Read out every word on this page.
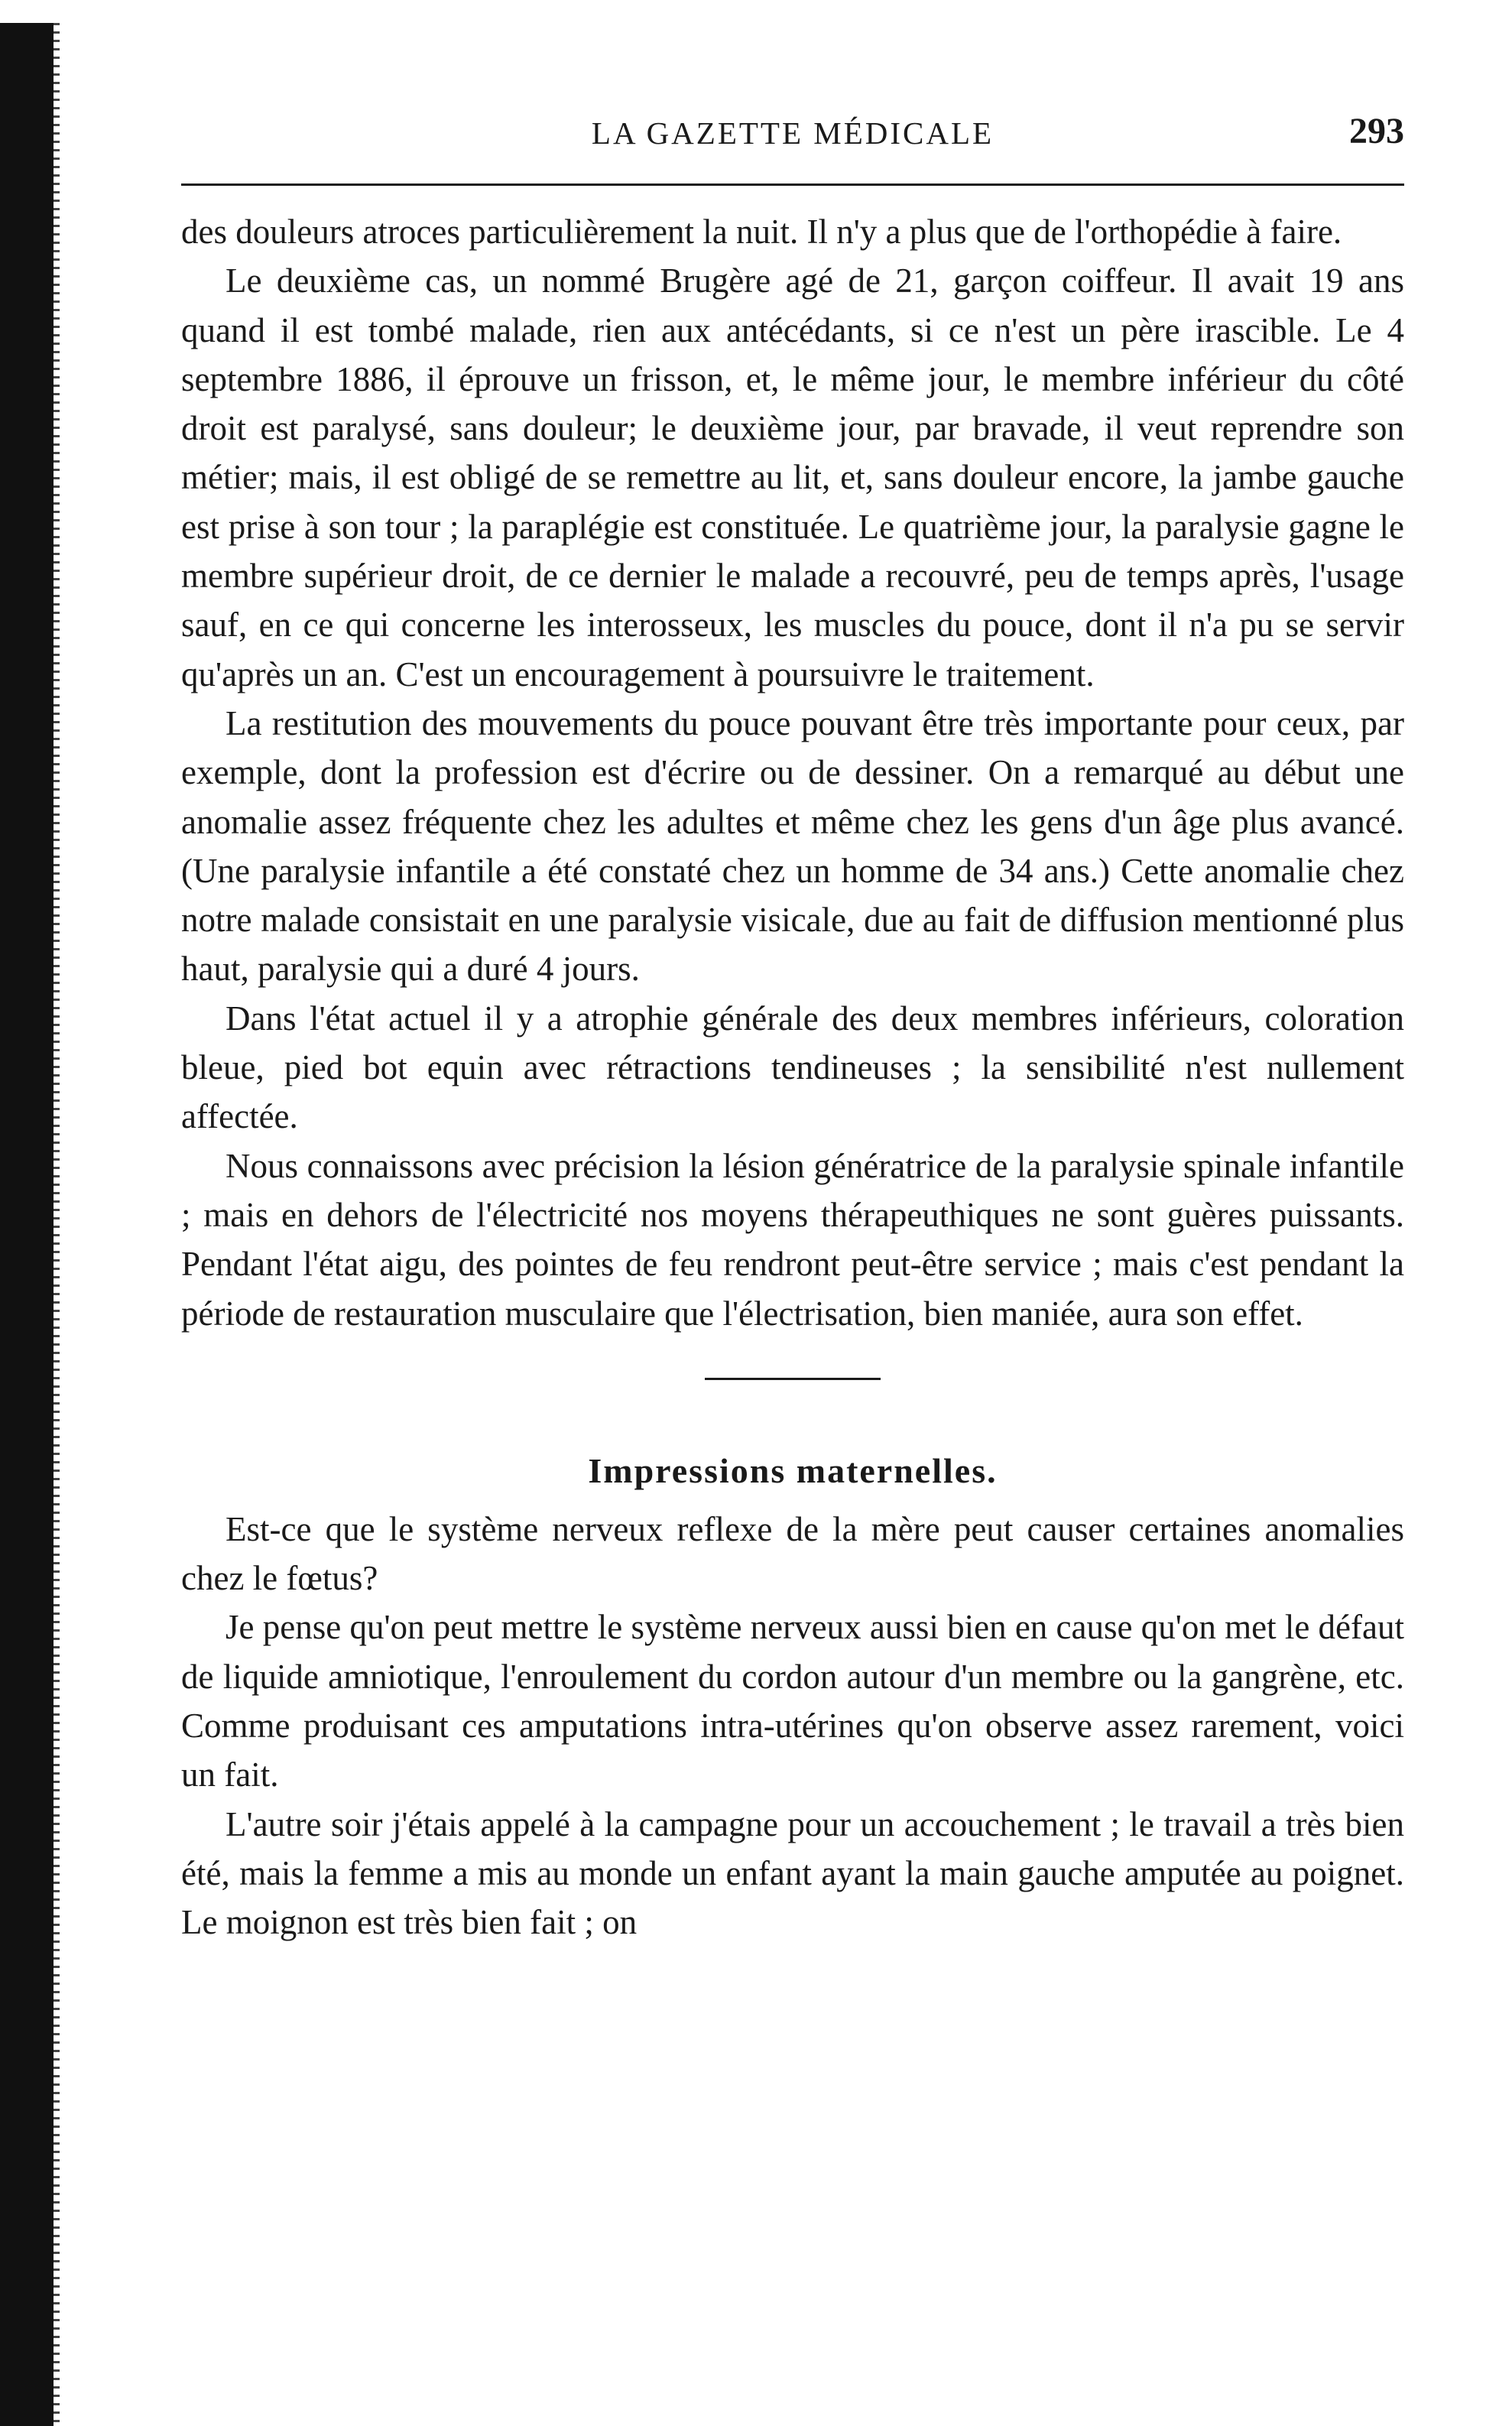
LA GAZETTE MÉDICALE	293

des douleurs atroces particulièrement la nuit. Il n'y a plus que de l'orthopédie à faire.

Le deuxième cas, un nommé Brugère agé de 21, garçon coiffeur. Il avait 19 ans quand il est tombé malade, rien aux antécédants, si ce n'est un père irascible. Le 4 septembre 1886, il éprouve un frisson, et, le même jour, le membre inférieur du côté droit est paralysé, sans douleur; le deuxième jour, par bravade, il veut reprendre son métier; mais, il est obligé de se remettre au lit, et, sans douleur encore, la jambe gauche est prise à son tour ; la paraplégie est constituée. Le quatrième jour, la paralysie gagne le membre supérieur droit, de ce dernier le malade a recouvré, peu de temps après, l'usage sauf, en ce qui concerne les interosseux, les muscles du pouce, dont il n'a pu se servir qu'après un an. C'est un encouragement à poursuivre le traitement.

La restitution des mouvements du pouce pouvant être très importante pour ceux, par exemple, dont la profession est d'écrire ou de dessiner. On a remarqué au début une anomalie assez fréquente chez les adultes et même chez les gens d'un âge plus avancé. (Une paralysie infantile a été constaté chez un homme de 34 ans.) Cette anomalie chez notre malade consistait en une paralysie visicale, due au fait de diffusion mentionné plus haut, paralysie qui a duré 4 jours.

Dans l'état actuel il y a atrophie générale des deux membres inférieurs, coloration bleue, pied bot equin avec rétractions tendineuses ; la sensibilité n'est nullement affectée.

Nous connaissons avec précision la lésion génératrice de la paralysie spinale infantile ; mais en dehors de l'électricité nos moyens thérapeuthiques ne sont guères puissants. Pendant l'état aigu, des pointes de feu rendront peut-être service ; mais c'est pendant la période de restauration musculaire que l'électrisation, bien maniée, aura son effet.

Impressions maternelles.

Est-ce que le système nerveux reflexe de la mère peut causer certaines anomalies chez le fœtus?

Je pense qu'on peut mettre le système nerveux aussi bien en cause qu'on met le défaut de liquide amniotique, l'enroulement du cordon autour d'un membre ou la gangrène, etc. Comme produisant ces amputations intra-utérines qu'on observe assez rarement, voici un fait.

L'autre soir j'étais appelé à la campagne pour un accouchement ; le travail a très bien été, mais la femme a mis au monde un enfant ayant la main gauche amputée au poignet. Le moignon est très bien fait ; on
